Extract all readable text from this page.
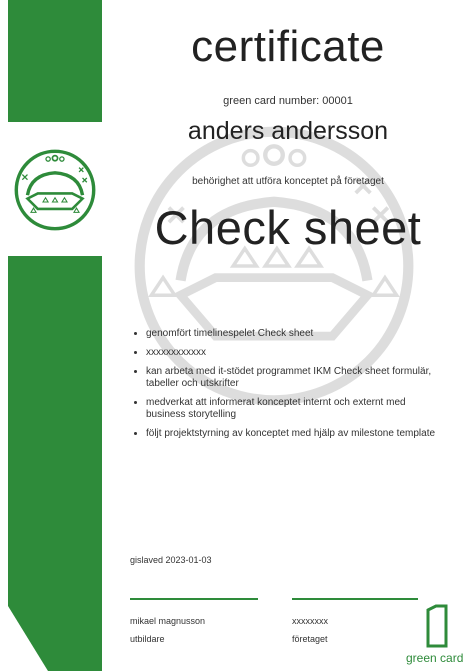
certificate
green card number: 00001
anders andersson
behörighet att utföra konceptet på företaget
Check sheet
• genomfört timelinespelet Check sheet
• xxxxxxxxxxxx
• kan arbeta med it-stödet programmet IKM Check sheet formulär, tabeller och utskrifter
• medverkat att informerat konceptet internt och externt med business storytelling
• följt projektstyrning av konceptet med hjälp av milestone template
gislaved 2023-01-03
mikael magnusson
utbildare
xxxxxxxx
företaget
green card
